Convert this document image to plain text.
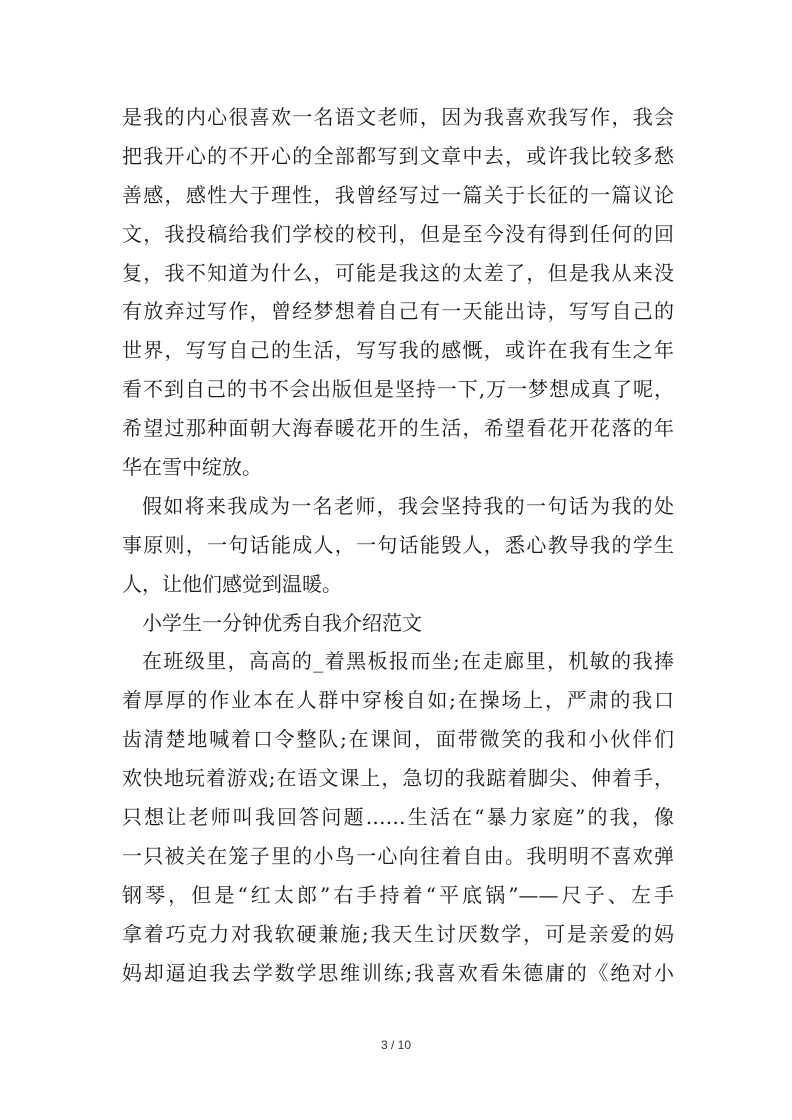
是我的内心很喜欢一名语文老师，因为我喜欢我写作，我会
把我开心的不开心的全部都写到文章中去，或许我比较多愁
善感，感性大于理性，我曾经写过一篇关于长征的一篇议论
文，我投稿给我们学校的校刊，但是至今没有得到任何的回
复，我不知道为什么，可能是我这的太差了，但是我从来没
有放弃过写作，曾经梦想着自己有一天能出诗，写写自己的
世界，写写自己的生活，写写我的感慨，或许在我有生之年
看不到自己的书不会出版但是坚持一下,万一梦想成真了呢，
希望过那种面朝大海春暖花开的生活，希望看花开花落的年
华在雪中绽放。
假如将来我成为一名老师，我会坚持我的一句话为我的处
事原则，一句话能成人，一句话能毁人，悉心教导我的学生
人，让他们感觉到温暖。
小学生一分钟优秀自我介绍范文
在班级里，高高的_着黑板报而坐;在走廊里，机敏的我捧
着厚厚的作业本在人群中穿梭自如;在操场上，严肃的我口
齿清楚地喊着口令整队;在课间，面带微笑的我和小伙伴们
欢快地玩着游戏;在语文课上，急切的我踮着脚尖、伸着手，
只想让老师叫我回答问题……生活在“暴力家庭”的我，像
一只被关在笼子里的小鸟一心向往着自由。我明明不喜欢弹
钢琴，但是“红太郎”右手持着“平底锅”——尺子、左手
拿着巧克力对我软硬兼施;我天生讨厌数学，可是亲爱的妈
妈却逼迫我去学数学思维训练;我喜欢看朱德庸的《绝对小
3 / 10
